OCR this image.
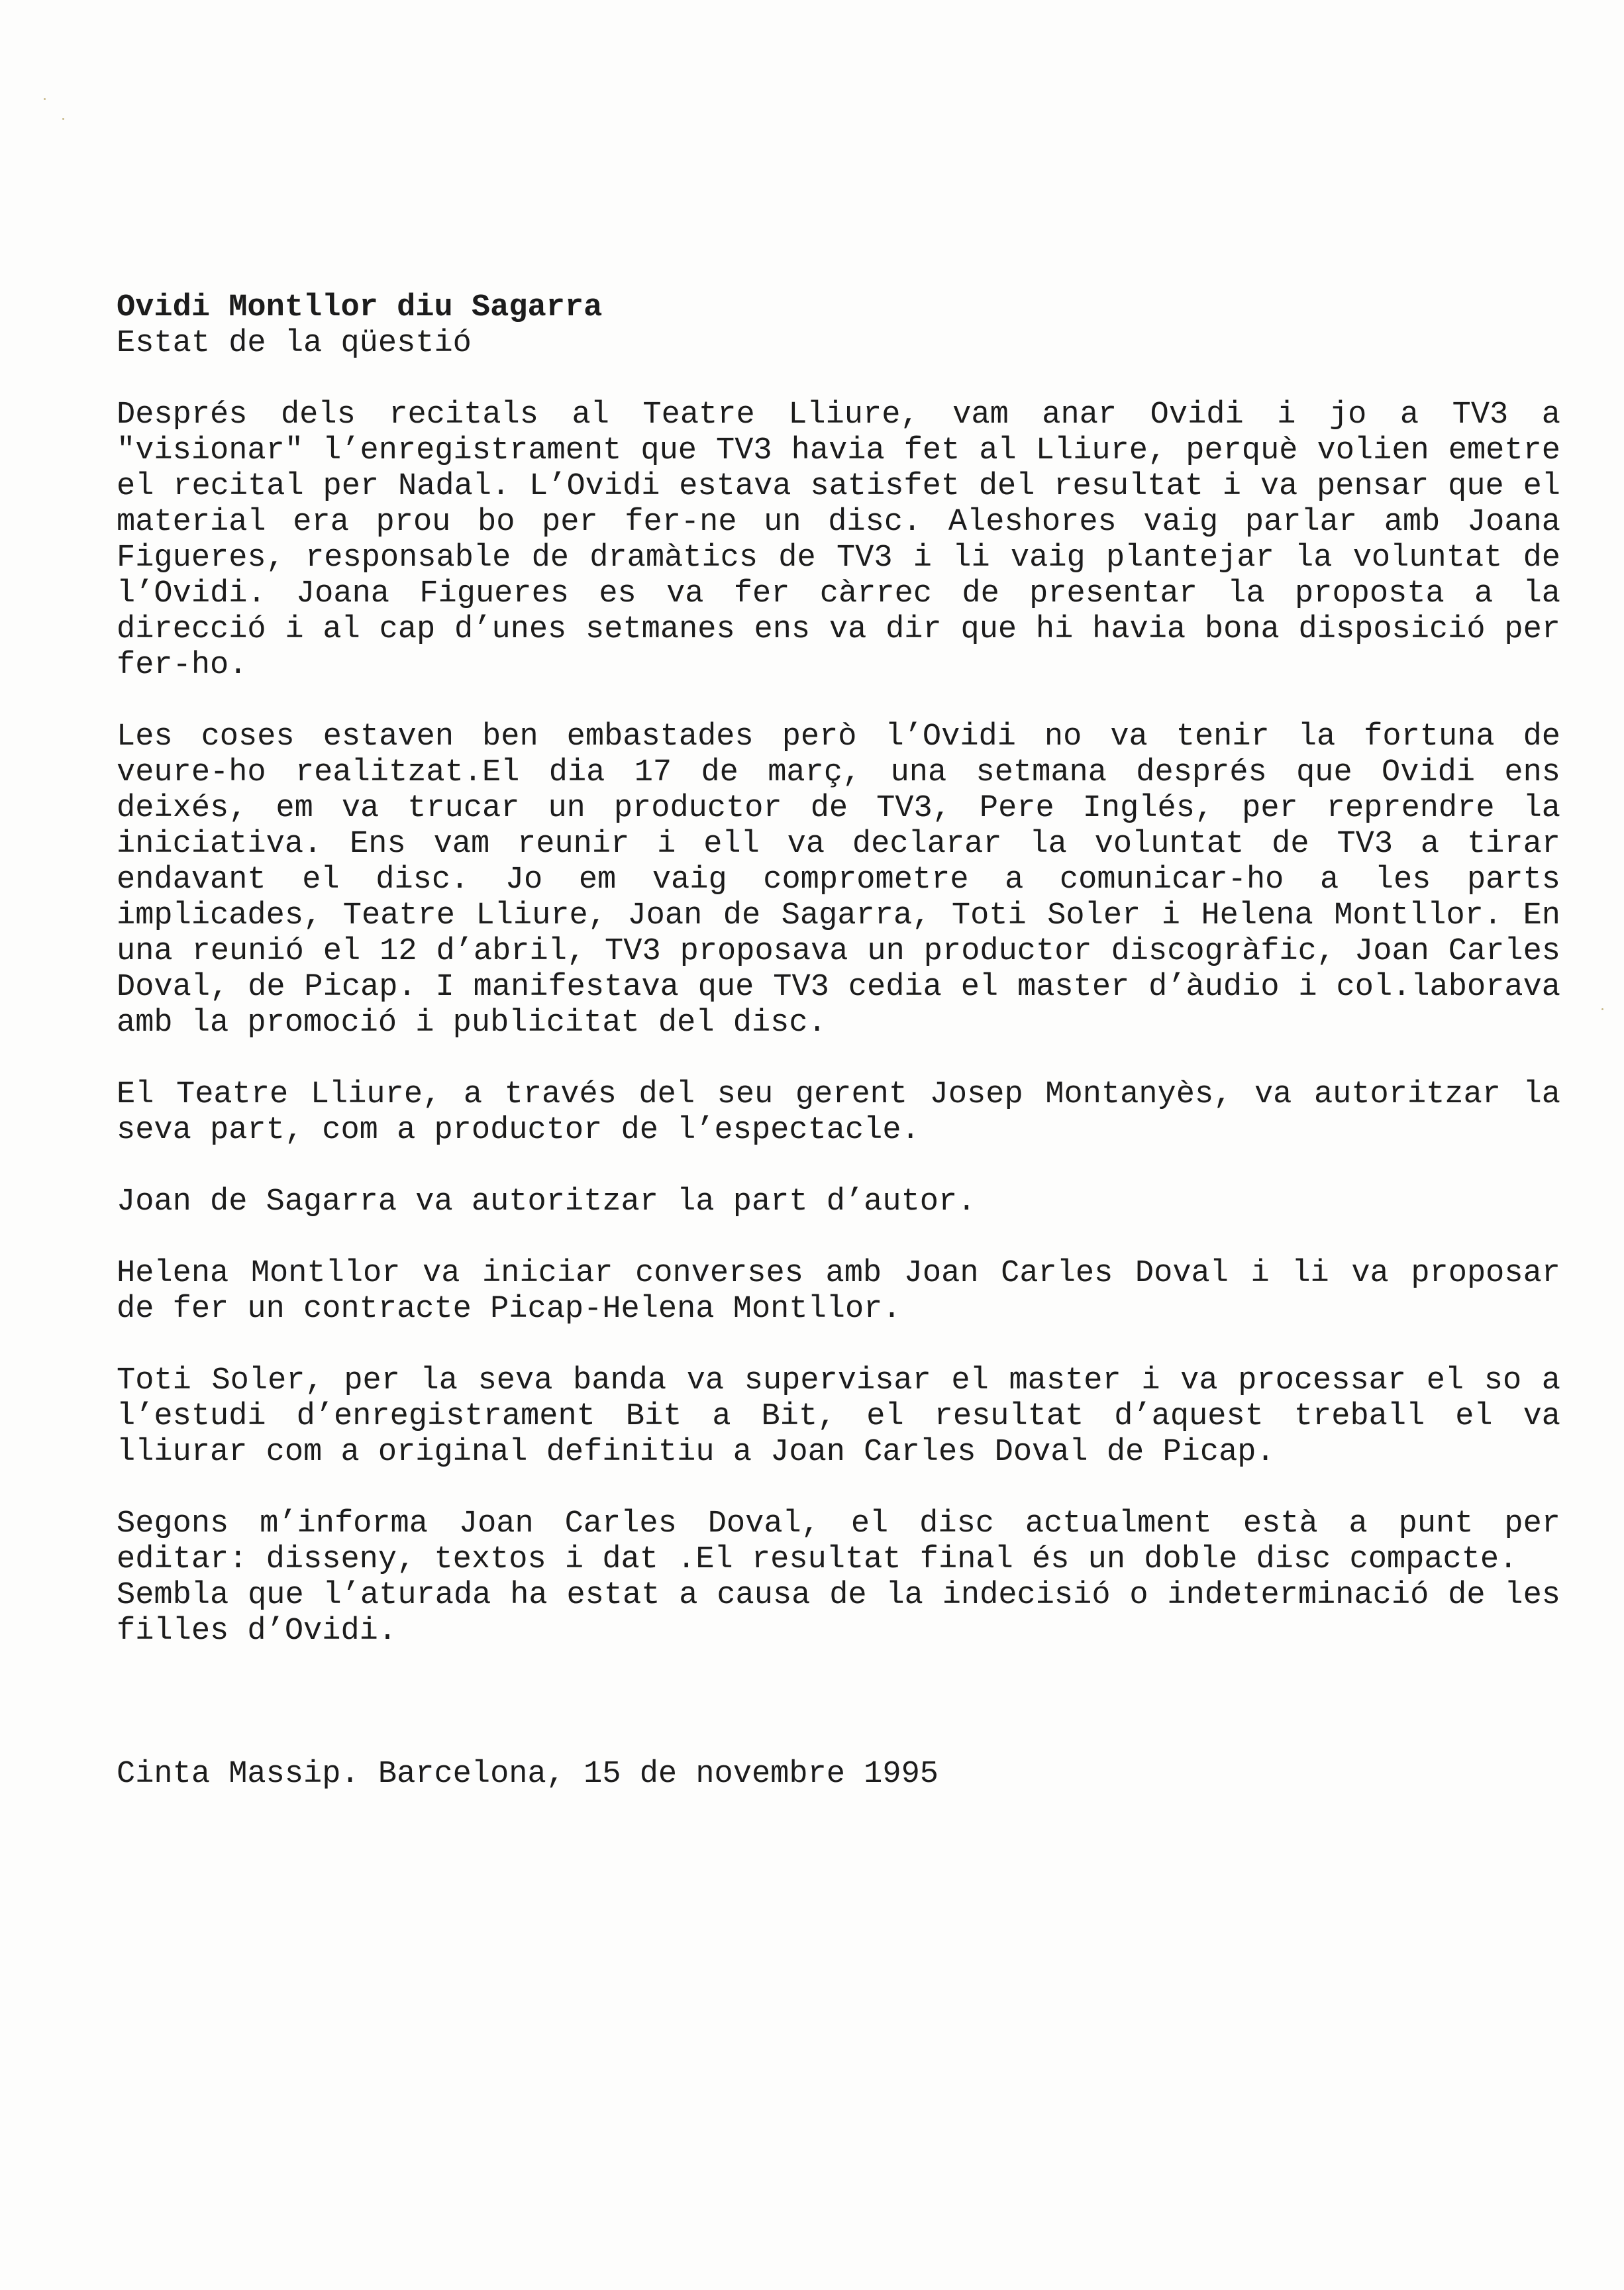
Ovidi Montllor diu Sagarra

Estat de la qüestió

Després dels recitals al Teatre Lliure, vam anar Ovidi i jo a TV3 a "visionar" l’enregistrament que TV3 havia fet al Lliure, perquè volien emetre el recital per Nadal. L’Ovidi estava satisfet del resultat i va pensar que el material era prou bo per fer-ne un disc. Aleshores vaig parlar amb Joana Figueres, responsable de dramàtics de TV3 i li vaig plantejar la voluntat de l’Ovidi. Joana Figueres es va fer càrrec de presentar la proposta a la direcció i al cap d’unes setmanes ens va dir que hi havia bona disposició per fer-ho.

Les coses estaven ben embastades però l’Ovidi no va tenir la fortuna de veure-ho realitzat.El dia 17 de març, una setmana després que Ovidi ens deixés, em va trucar un productor de TV3, Pere Inglés, per reprendre la iniciativa. Ens vam reunir i ell va declarar la voluntat de TV3 a tirar endavant el disc. Jo em vaig comprometre a comunicar-ho a les parts implicades, Teatre Lliure, Joan de Sagarra, Toti Soler i Helena Montllor. En una reunió el 12 d’abril, TV3 proposava un productor discogràfic, Joan Carles Doval, de Picap. I manifestava que TV3 cedia el master d’àudio i col.laborava amb la promoció i publicitat del disc.

El Teatre Lliure, a través del seu gerent Josep Montanyès, va autoritzar la seva part, com a productor de l’espectacle.

Joan de Sagarra va autoritzar la part d’autor.

Helena Montllor va iniciar converses amb Joan Carles Doval i li va proposar de fer un contracte Picap-Helena Montllor.

Toti Soler, per la seva banda va supervisar el master i va processar el so a l’estudi d’enregistrament Bit a Bit, el resultat d’aquest treball el va lliurar com a original definitiu a Joan Carles Doval de Picap.

Segons m’informa Joan Carles Doval, el disc actualment està a punt per editar: disseny, textos i dat .El resultat final és un doble disc compacte.

Sembla que l’aturada ha estat a causa de la indecisió o indeterminació de les filles d’Ovidi.

Cinta Massip. Barcelona, 15 de novembre 1995
